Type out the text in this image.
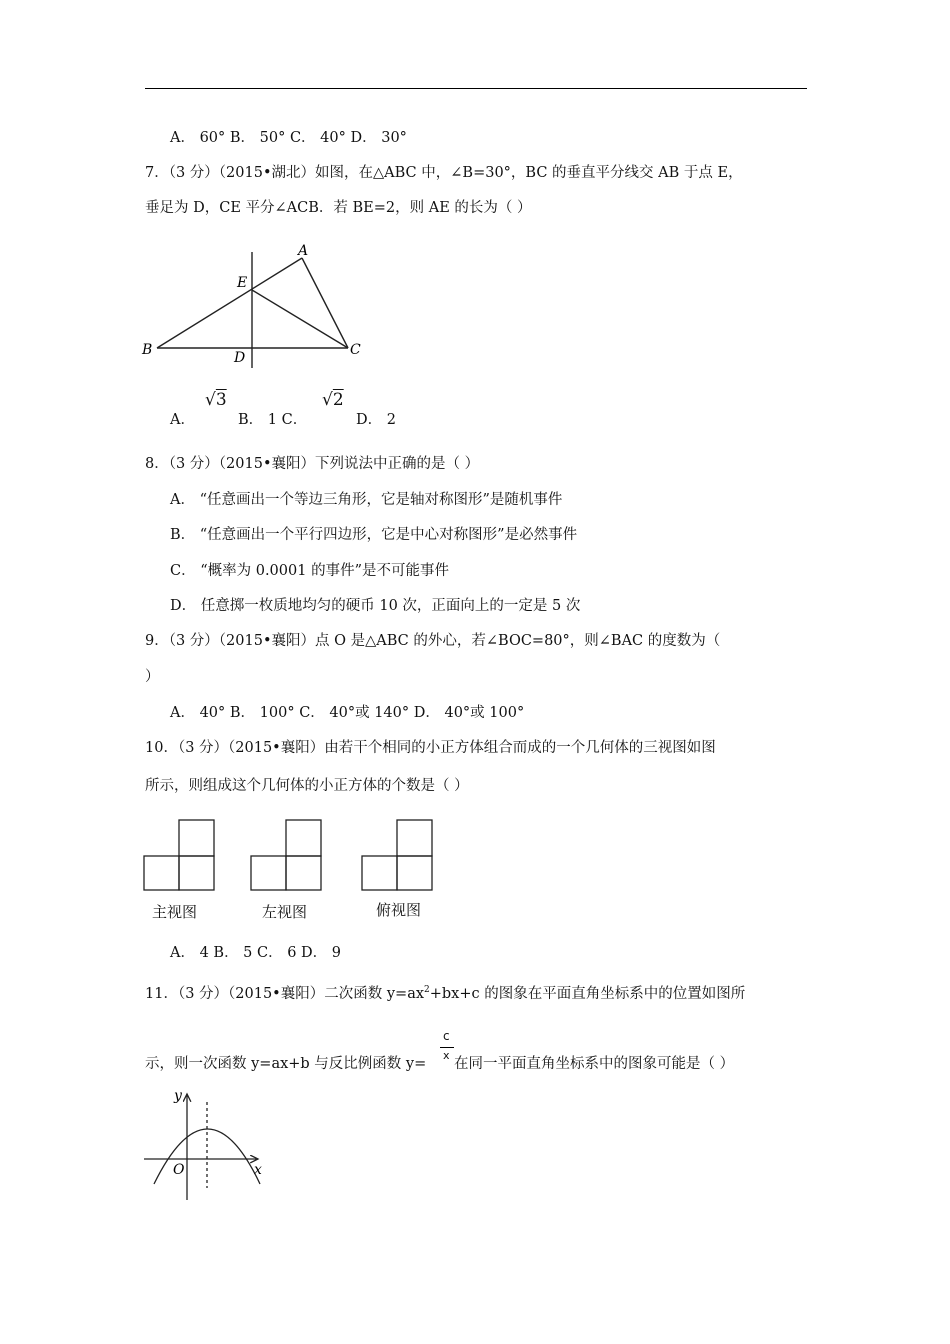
A． 60° B． 50° C． 40° D． 30°
7．（3 分）（2015•湖北）如图，在△ABC 中，∠B=30°，BC 的垂直平分线交 AB 于点 E，
垂足为 D，CE 平分∠ACB．若 BE=2，则 AE 的长为（ ）
A
E
B	D	C
A．
√3
B． 1 C．
√2
D． 2
8．（3 分）（2015•襄阳）下列说法中正确的是（ ）
A． “任意画出一个等边三角形，它是轴对称图形”是随机事件
B． “任意画出一个平行四边形，它是中心对称图形”是必然事件
C． “概率为 0.0001 的事件”是不可能事件
D． 任意掷一枚质地均匀的硬币 10 次，正面向上的一定是 5 次
9．（3 分）（2015•襄阳）点 O 是△ABC 的外心，若∠BOC=80°，则∠BAC 的度数为（
）
A． 40° B． 100° C． 40°或 140° D． 40°或 100°
10．（3 分）（2015•襄阳）由若干个相同的小正方体组合而成的一个几何体的三视图如图
所示，则组成这个几何体的小正方体的个数是（ ）
主视图	左视图	俯视图
A． 4 B． 5 C． 6 D． 9
11．（3 分）（2015•襄阳）二次函数 $y=ax^2+bx+c$ 的图象在平面直角坐标系中的位置如图所
c
x
示，则一次函数 y=ax+b 与反比例函数 y= 在同一平面直角坐标系中的图象可能是（ ）
x
y
O
